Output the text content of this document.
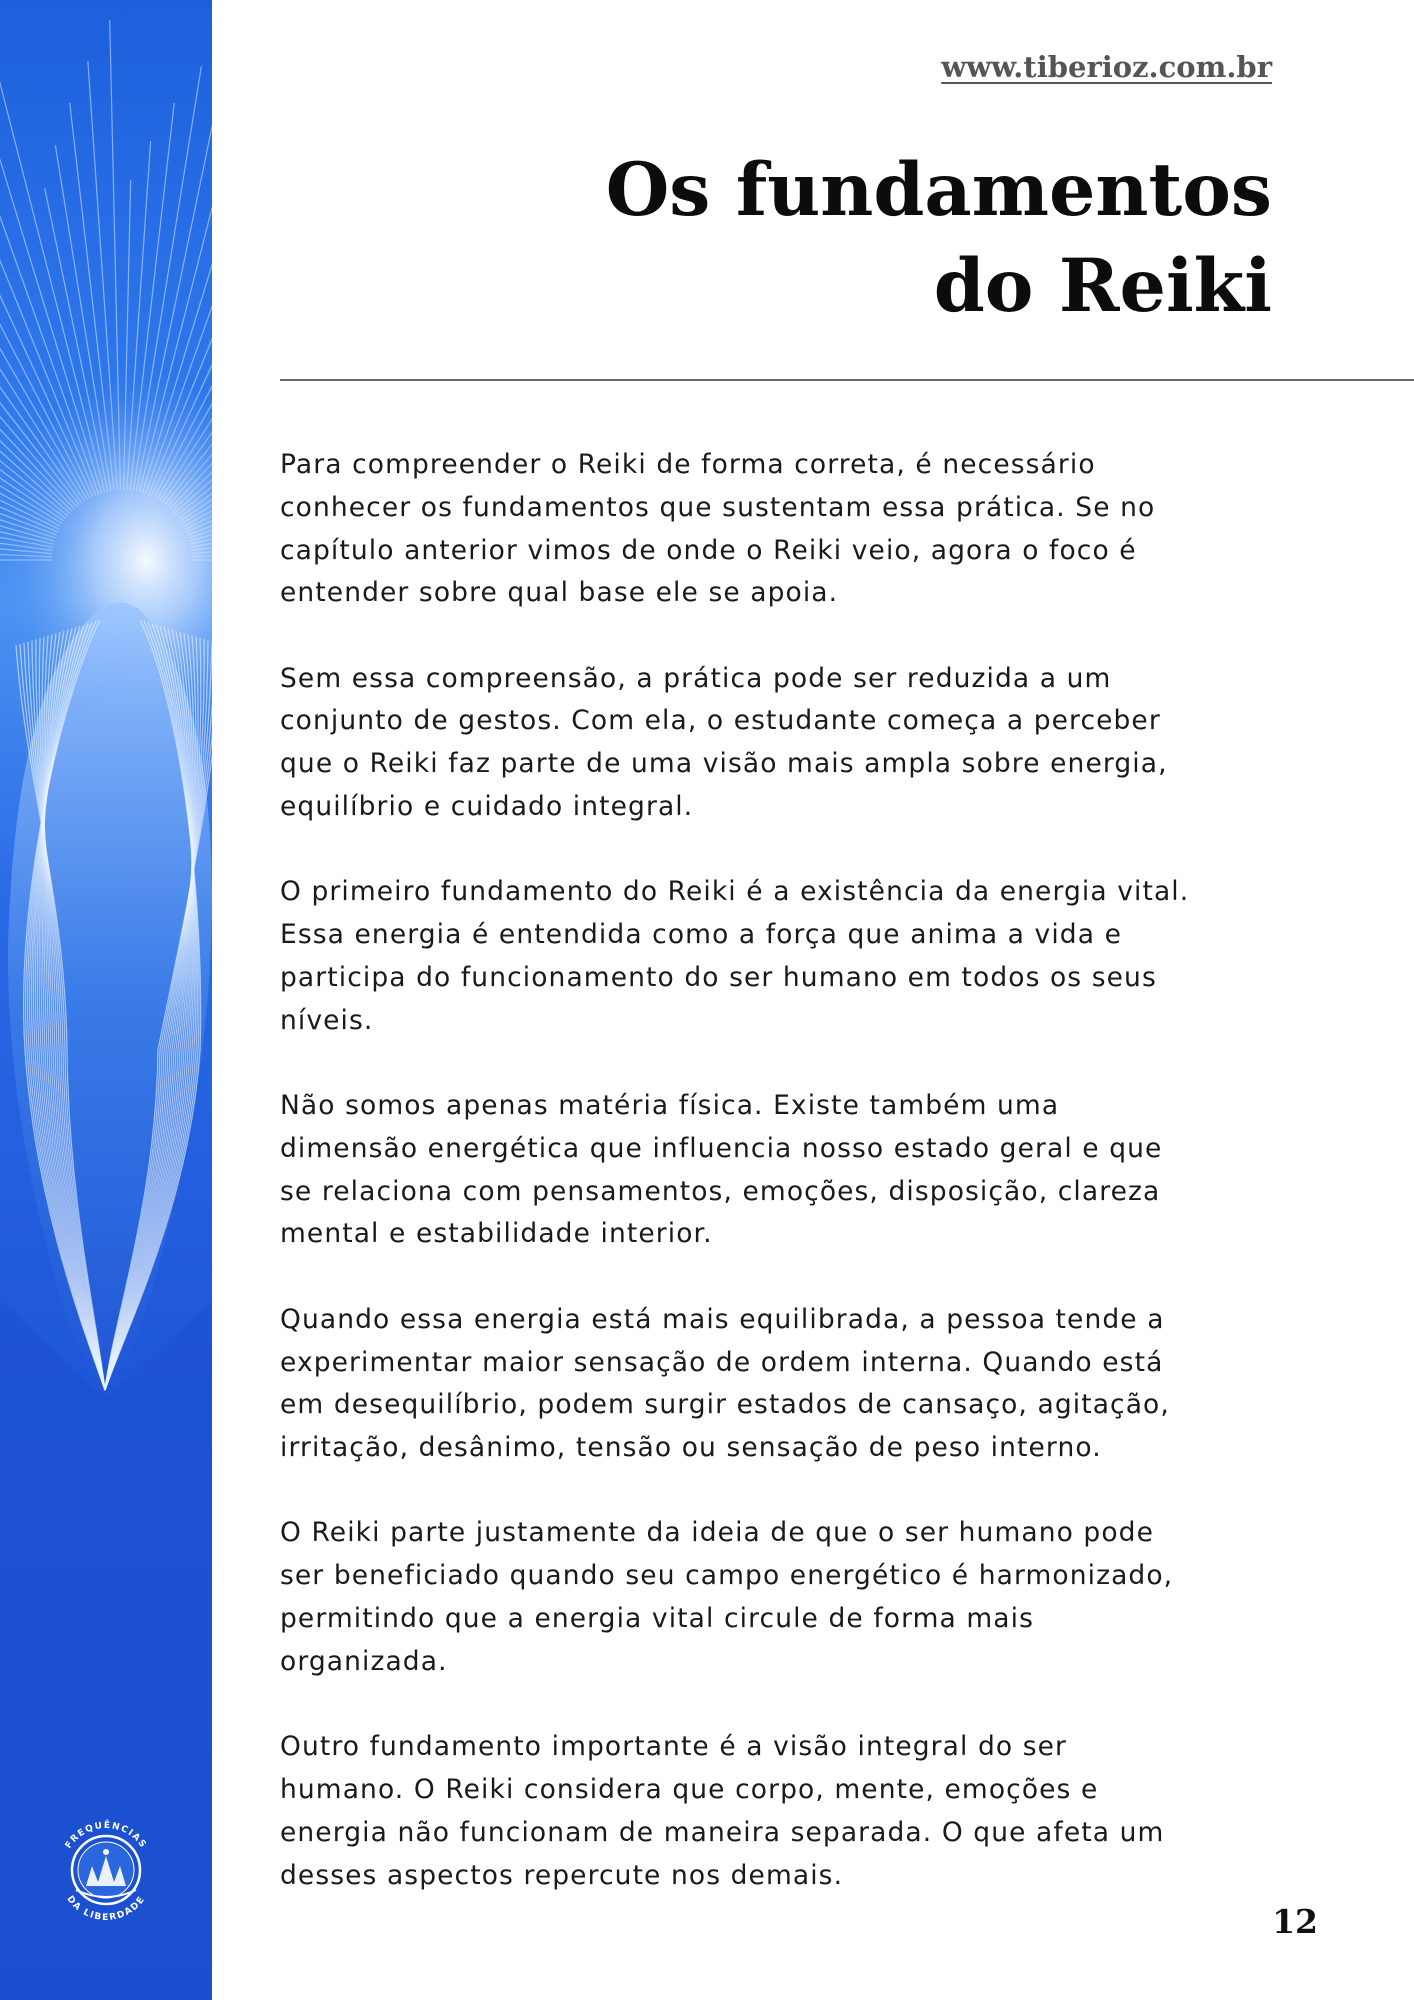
FREQUÊNCIAS
DA LIBERDADE

www.tiberioz.com.br

Os fundamentos
do Reiki

Para compreender o Reiki de forma correta, é necessário
conhecer os fundamentos que sustentam essa prática. Se no
capítulo anterior vimos de onde o Reiki veio, agora o foco é
entender sobre qual base ele se apoia.

Sem essa compreensão, a prática pode ser reduzida a um
conjunto de gestos. Com ela, o estudante começa a perceber
que o Reiki faz parte de uma visão mais ampla sobre energia,
equilíbrio e cuidado integral.

O primeiro fundamento do Reiki é a existência da energia vital.
Essa energia é entendida como a força que anima a vida e
participa do funcionamento do ser humano em todos os seus
níveis.

Não somos apenas matéria física. Existe também uma
dimensão energética que influencia nosso estado geral e que
se relaciona com pensamentos, emoções, disposição, clareza
mental e estabilidade interior.

Quando essa energia está mais equilibrada, a pessoa tende a
experimentar maior sensação de ordem interna. Quando está
em desequilíbrio, podem surgir estados de cansaço, agitação,
irritação, desânimo, tensão ou sensação de peso interno.

O Reiki parte justamente da ideia de que o ser humano pode
ser beneficiado quando seu campo energético é harmonizado,
permitindo que a energia vital circule de forma mais
organizada.

Outro fundamento importante é a visão integral do ser
humano. O Reiki considera que corpo, mente, emoções e
energia não funcionam de maneira separada. O que afeta um
desses aspectos repercute nos demais.

12
